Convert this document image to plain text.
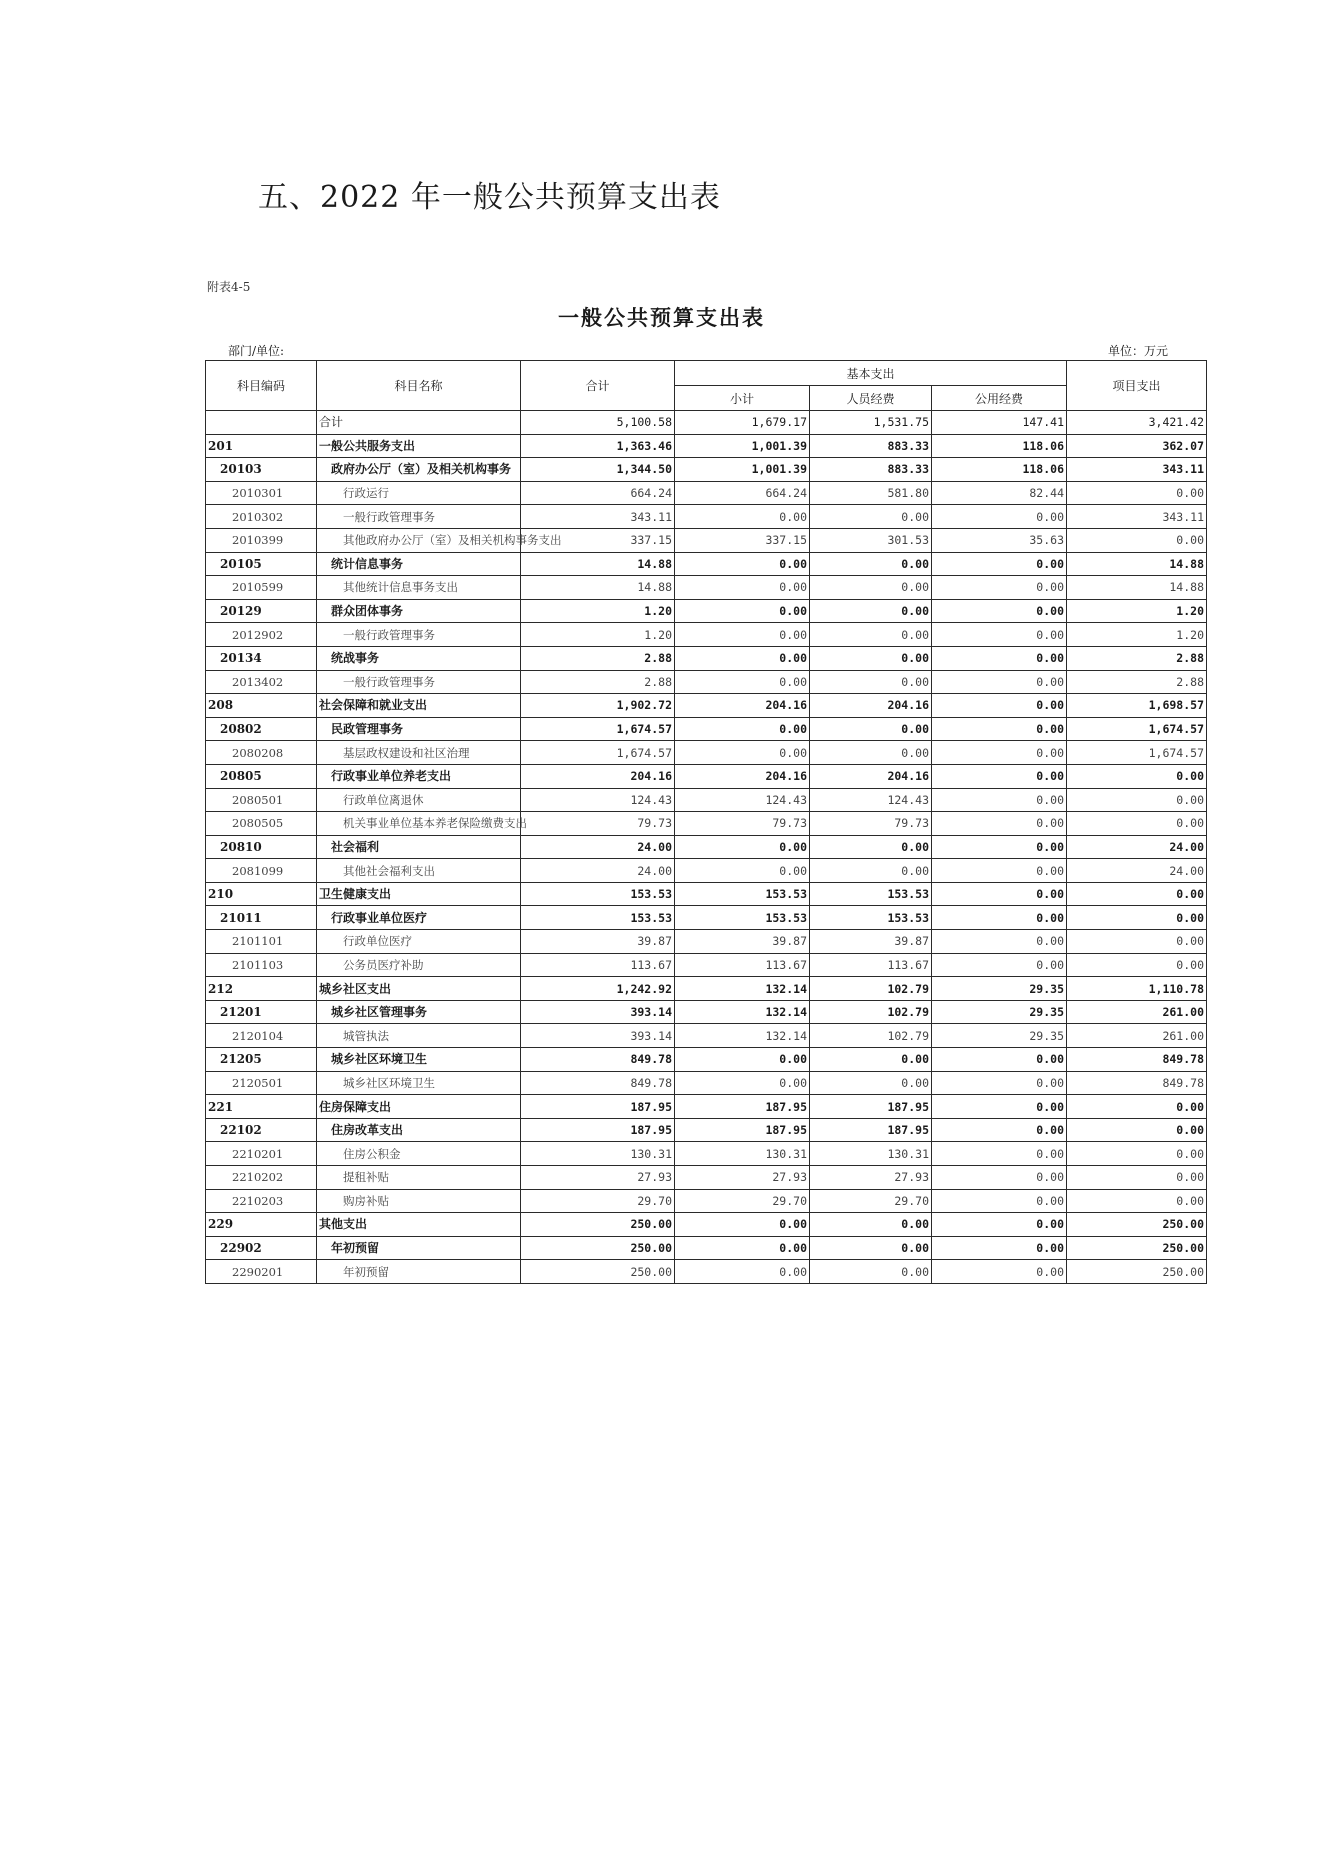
五、2022 年一般公共预算支出表
附表4-5
一般公共预算支出表
部门/单位:	单位：万元
科目编码	科目名称	合计	基本支出			项目支出
			小计	人员经费	公用经费	
	合计	5,100.58	1,679.17	1,531.75	147.41	3,421.42
201	一般公共服务支出	1,363.46	1,001.39	883.33	118.06	362.07
20103	政府办公厅（室）及相关机构事务	1,344.50	1,001.39	883.33	118.06	343.11
2010301	行政运行	664.24	664.24	581.80	82.44	0.00
2010302	一般行政管理事务	343.11	0.00	0.00	0.00	343.11
2010399	其他政府办公厅（室）及相关机构事务支出	337.15	337.15	301.53	35.63	0.00
20105	统计信息事务	14.88	0.00	0.00	0.00	14.88
2010599	其他统计信息事务支出	14.88	0.00	0.00	0.00	14.88
20129	群众团体事务	1.20	0.00	0.00	0.00	1.20
2012902	一般行政管理事务	1.20	0.00	0.00	0.00	1.20
20134	统战事务	2.88	0.00	0.00	0.00	2.88
2013402	一般行政管理事务	2.88	0.00	0.00	0.00	2.88
208	社会保障和就业支出	1,902.72	204.16	204.16	0.00	1,698.57
20802	民政管理事务	1,674.57	0.00	0.00	0.00	1,674.57
2080208	基层政权建设和社区治理	1,674.57	0.00	0.00	0.00	1,674.57
20805	行政事业单位养老支出	204.16	204.16	204.16	0.00	0.00
2080501	行政单位离退休	124.43	124.43	124.43	0.00	0.00
2080505	机关事业单位基本养老保险缴费支出	79.73	79.73	79.73	0.00	0.00
20810	社会福利	24.00	0.00	0.00	0.00	24.00
2081099	其他社会福利支出	24.00	0.00	0.00	0.00	24.00
210	卫生健康支出	153.53	153.53	153.53	0.00	0.00
21011	行政事业单位医疗	153.53	153.53	153.53	0.00	0.00
2101101	行政单位医疗	39.87	39.87	39.87	0.00	0.00
2101103	公务员医疗补助	113.67	113.67	113.67	0.00	0.00
212	城乡社区支出	1,242.92	132.14	102.79	29.35	1,110.78
21201	城乡社区管理事务	393.14	132.14	102.79	29.35	261.00
2120104	城管执法	393.14	132.14	102.79	29.35	261.00
21205	城乡社区环境卫生	849.78	0.00	0.00	0.00	849.78
2120501	城乡社区环境卫生	849.78	0.00	0.00	0.00	849.78
221	住房保障支出	187.95	187.95	187.95	0.00	0.00
22102	住房改革支出	187.95	187.95	187.95	0.00	0.00
2210201	住房公积金	130.31	130.31	130.31	0.00	0.00
2210202	提租补贴	27.93	27.93	27.93	0.00	0.00
2210203	购房补贴	29.70	29.70	29.70	0.00	0.00
229	其他支出	250.00	0.00	0.00	0.00	250.00
22902	年初预留	250.00	0.00	0.00	0.00	250.00
2290201	年初预留	250.00	0.00	0.00	0.00	250.00
